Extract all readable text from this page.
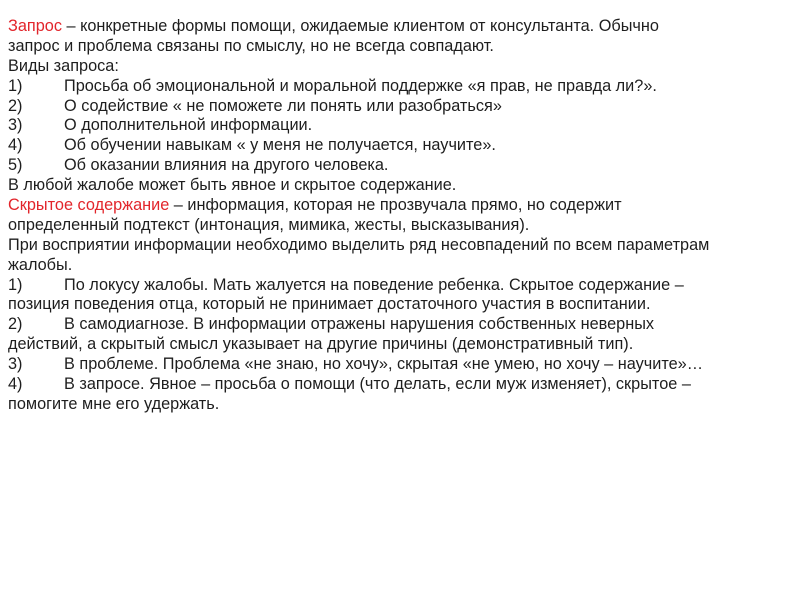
Запрос – конкретные формы помощи, ожидаемые клиентом от консультанта. Обычно
запрос и проблема связаны по смыслу, но не всегда совпадают.
Виды запроса:
1)	Просьба об эмоциональной и моральной поддержке «я прав, не правда ли?».
2)	О содействие « не поможете ли понять или разобраться»
3)	О дополнительной информации.
4)	Об обучении навыкам « у меня не получается, научите».
5)	Об оказании влияния на другого человека.
В любой жалобе может быть явное и скрытое содержание.
Скрытое содержание – информация, которая не прозвучала прямо, но содержит
определенный подтекст (интонация, мимика, жесты, высказывания).
При восприятии информации необходимо выделить ряд несовпадений по всем параметрам
жалобы.
1)	По локусу жалобы. Мать жалуется на поведение ребенка. Скрытое содержание –
позиция поведения отца, который не принимает достаточного участия в воспитании.
2)	В самодиагнозе. В информации отражены нарушения собственных неверных
действий, а скрытый смысл указывает на другие причины (демонстративный тип).
3)	В проблеме. Проблема «не знаю, но хочу», скрытая «не умею, но хочу – научите»…
4)	В запросе. Явное – просьба о помощи (что делать, если муж изменяет), скрытое –
помогите мне его удержать.
